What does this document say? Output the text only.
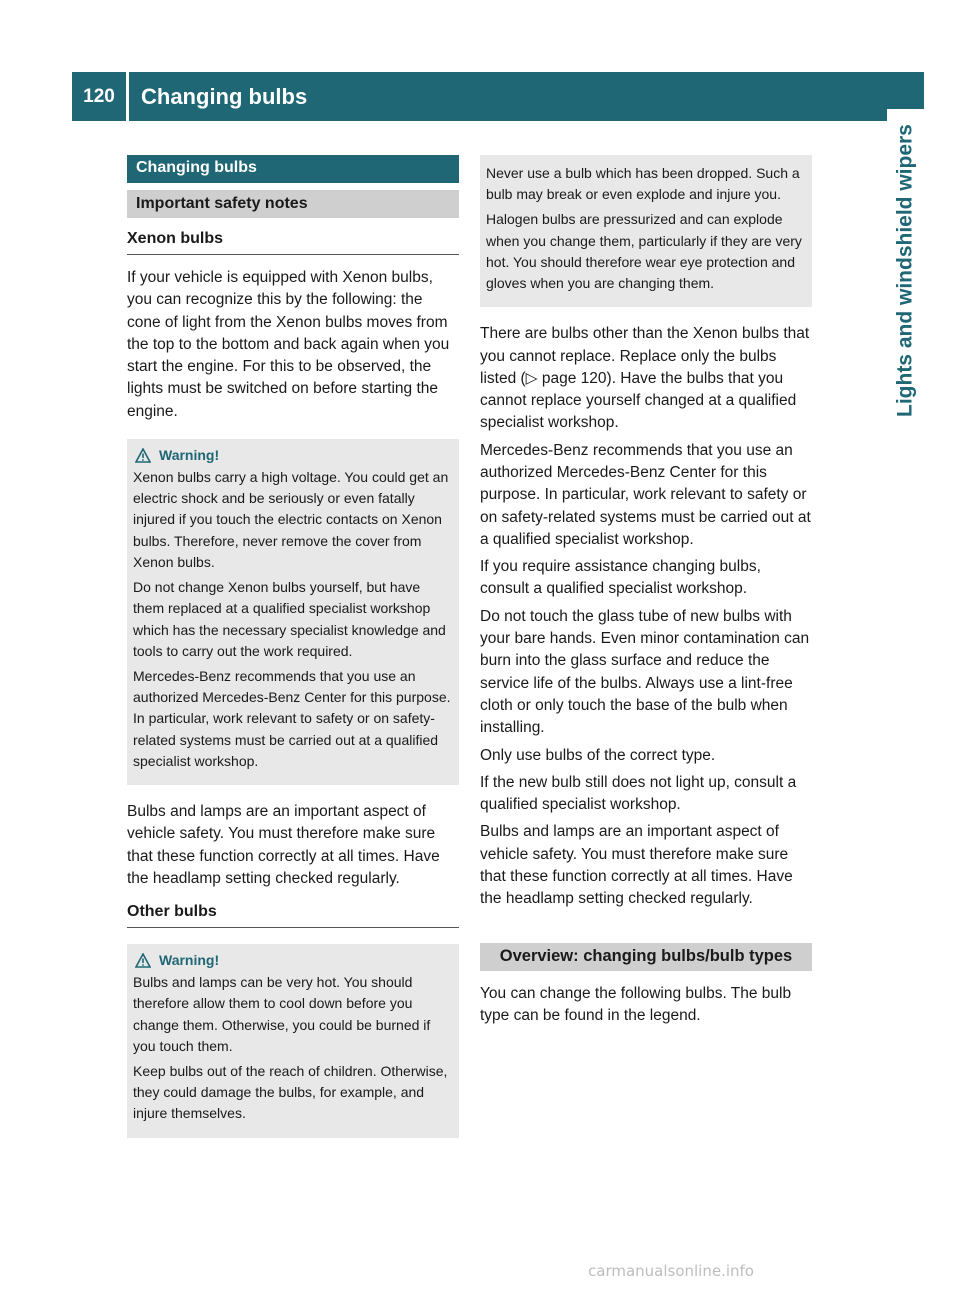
120	Changing bulbs
Lights and windshield wipers
Changing bulbs
Important safety notes
Xenon bulbs

If your vehicle is equipped with Xenon bulbs, you can recognize this by the following: the cone of light from the Xenon bulbs moves from the top to the bottom and back again when you start the engine. For this to be observed, the lights must be switched on before starting the engine.

Warning!

Xenon bulbs carry a high voltage. You could get an electric shock and be seriously or even fatally injured if you touch the electric contacts on Xenon bulbs. Therefore, never remove the cover from Xenon bulbs.

Do not change Xenon bulbs yourself, but have them replaced at a qualified specialist workshop which has the necessary specialist knowledge and tools to carry out the work required.

Mercedes-Benz recommends that you use an authorized Mercedes-Benz Center for this purpose. In particular, work relevant to safety or on safety-related systems must be carried out at a qualified specialist workshop.

Bulbs and lamps are an important aspect of vehicle safety. You must therefore make sure that these function correctly at all times. Have the headlamp setting checked regularly.

Other bulbs
Warning!

Bulbs and lamps can be very hot. You should therefore allow them to cool down before you change them. Otherwise, you could be burned if you touch them.

Keep bulbs out of the reach of children. Otherwise, they could damage the bulbs, for example, and injure themselves.

Never use a bulb which has been dropped. Such a bulb may break or even explode and injure you.

Halogen bulbs are pressurized and can explode when you change them, particularly if they are very hot. You should therefore wear eye protection and gloves when you are changing them.

There are bulbs other than the Xenon bulbs that you cannot replace. Replace only the bulbs listed (▷ page 120). Have the bulbs that you cannot replace yourself changed at a qualified specialist workshop.

Mercedes-Benz recommends that you use an authorized Mercedes-Benz Center for this purpose. In particular, work relevant to safety or on safety-related systems must be carried out at a qualified specialist workshop.

If you require assistance changing bulbs, consult a qualified specialist workshop.

Do not touch the glass tube of new bulbs with your bare hands. Even minor contamination can burn into the glass surface and reduce the service life of the bulbs. Always use a lint-free cloth or only touch the base of the bulb when installing.

Only use bulbs of the correct type.

If the new bulb still does not light up, consult a qualified specialist workshop.

Bulbs and lamps are an important aspect of vehicle safety. You must therefore make sure that these function correctly at all times. Have the headlamp setting checked regularly.

Overview: changing bulbs/bulb types

You can change the following bulbs. The bulb type can be found in the legend.

carmanualsonline.info
